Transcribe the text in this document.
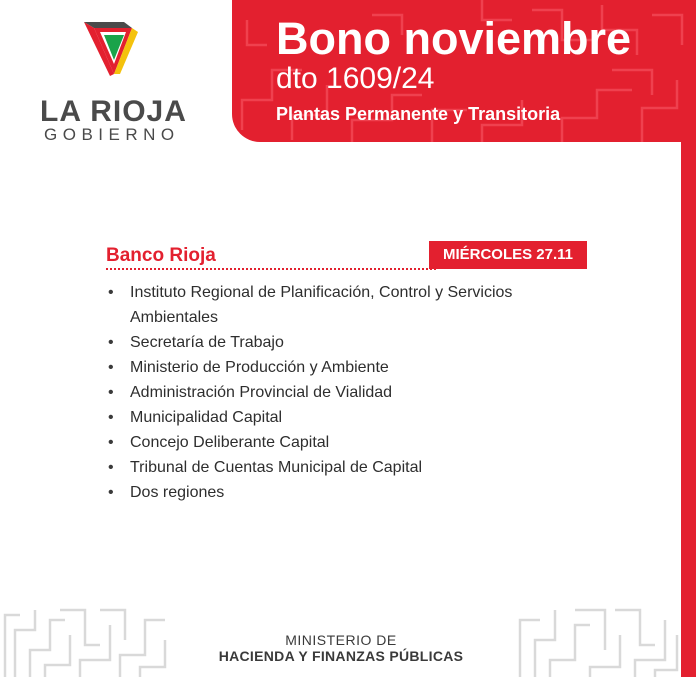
LA RIOJA

GOBIERNO

Bono noviembre

dto 1609/24

Plantas Permanente y Transitoria

Banco Rioja	MIÉRCOLES 27.11
• Instituto Regional de Planificación, Control y Servicios Ambientales
• Secretaría de Trabajo
• Ministerio de Producción y Ambiente
• Administración Provincial de Vialidad
• Municipalidad Capital
• Concejo Deliberante Capital
• Tribunal de Cuentas Municipal de Capital
• Dos regiones

MINISTERIO DE

HACIENDA Y FINANZAS PÚBLICAS
